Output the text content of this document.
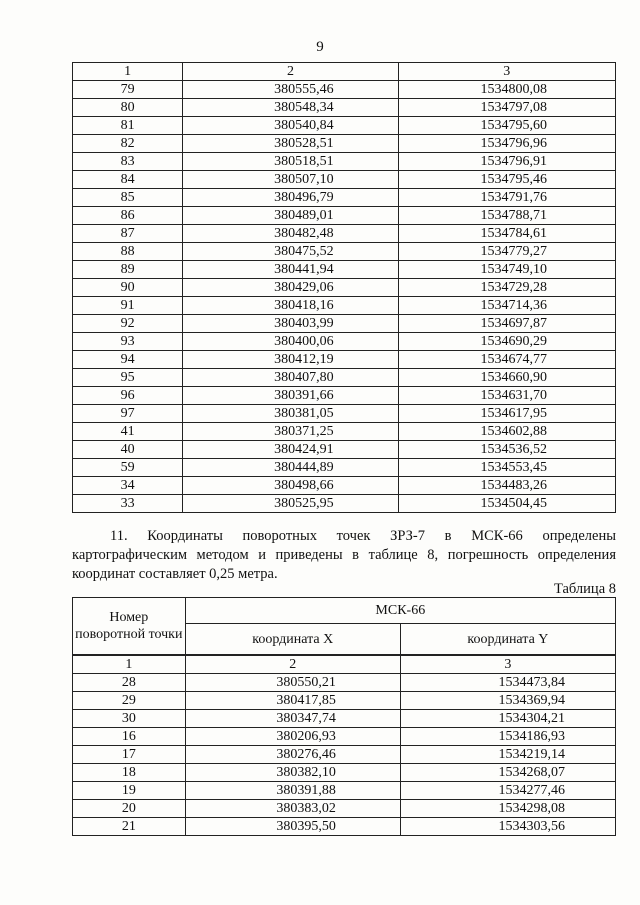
9
1	2	3
79	380555,46	1534800,08
80	380548,34	1534797,08
81	380540,84	1534795,60
82	380528,51	1534796,96
83	380518,51	1534796,91
84	380507,10	1534795,46
85	380496,79	1534791,76
86	380489,01	1534788,71
87	380482,48	1534784,61
88	380475,52	1534779,27
89	380441,94	1534749,10
90	380429,06	1534729,28
91	380418,16	1534714,36
92	380403,99	1534697,87
93	380400,06	1534690,29
94	380412,19	1534674,77
95	380407,80	1534660,90
96	380391,66	1534631,70
97	380381,05	1534617,95
41	380371,25	1534602,88
40	380424,91	1534536,52
59	380444,89	1534553,45
34	380498,66	1534483,26
33	380525,95	1534504,45

11. Координаты поворотных точек ЗРЗ-7 в МСК-66 определены картографическим методом и приведены в таблице 8, погрешность определения координат составляет 0,25 метра.

Таблица 8
Номер поворотной точки	МСК-66	
	координата X	координата Y
1	2	3
28	380550,21	1534473,84
29	380417,85	1534369,94
30	380347,74	1534304,21
16	380206,93	1534186,93
17	380276,46	1534219,14
18	380382,10	1534268,07
19	380391,88	1534277,46
20	380383,02	1534298,08
21	380395,50	1534303,56
